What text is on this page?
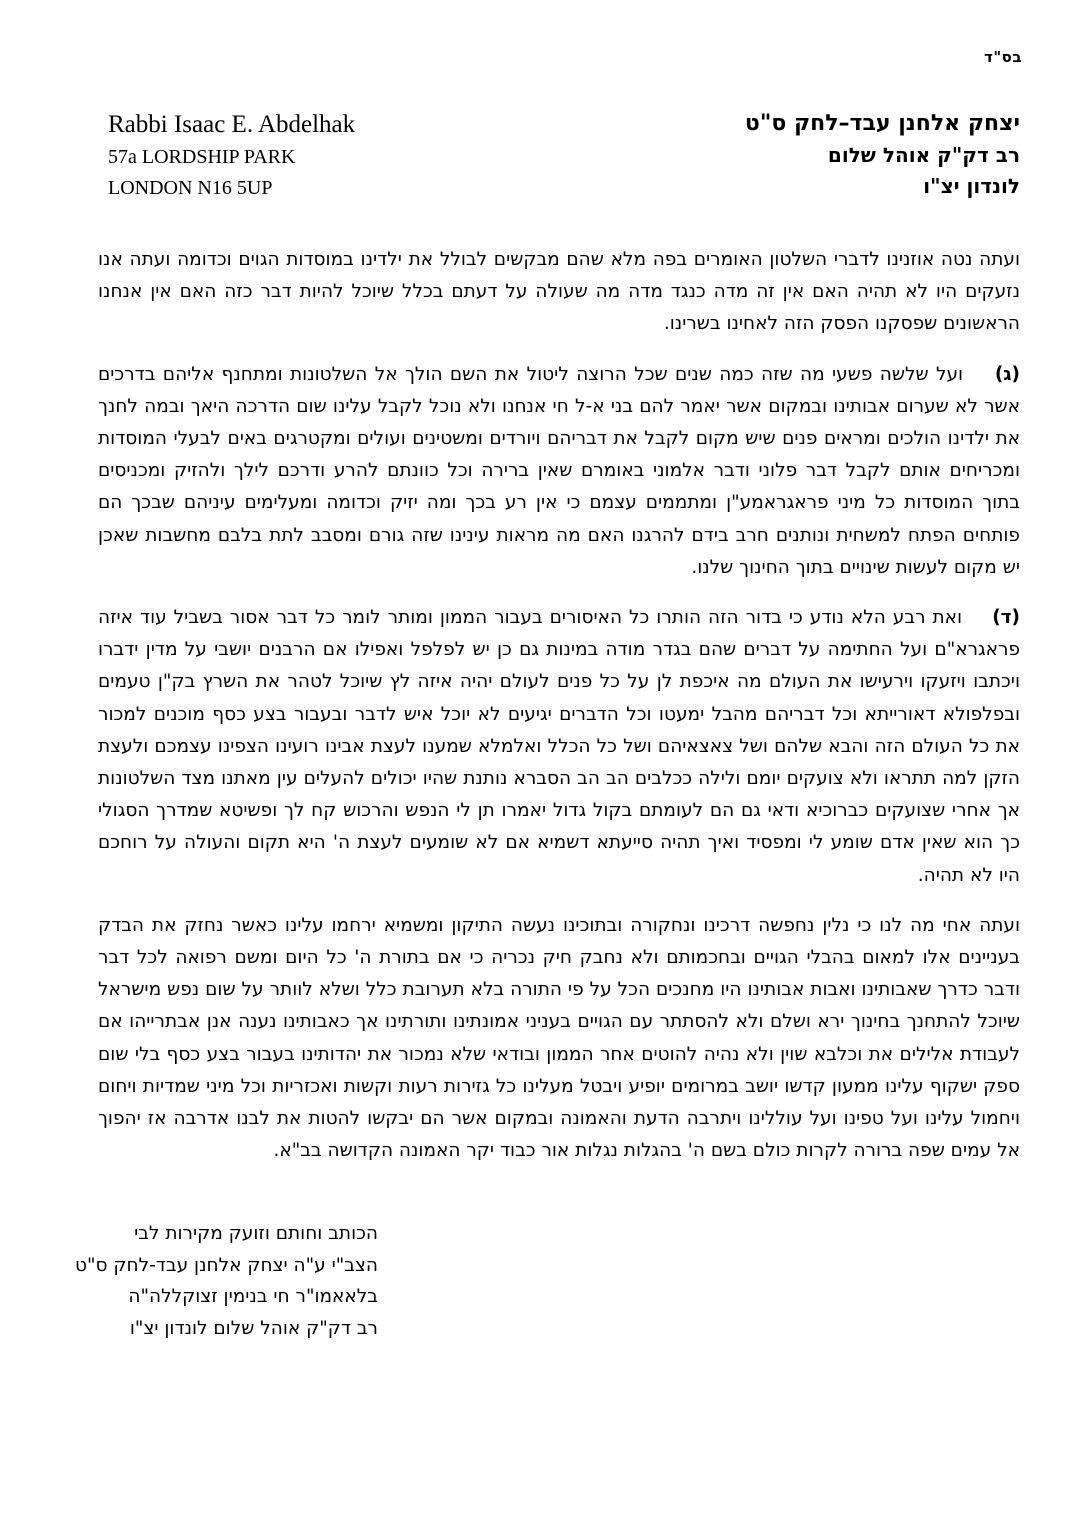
בס"ד
Rabbi Isaac E. Abdelhak
57a LORDSHIP PARK
LONDON N16 5UP
יצחק אלחנן עבד–לחק ס"ט
רב דק"ק אוהל שלום
לונדון יצ"ו

ועתה נטה אוזנינו לדברי השלטון האומרים בפה מלא שהם מבקשים לבולל את ילדינו במוסדות הגוים וכדומה ועתה אנו נזעקים היו לא תהיה האם אין זה מדה כנגד מדה מה שעולה על דעתם בכלל שיוכל להיות דבר כזה האם אין אנחנו הראשונים שפסקנו הפסק הזה לאחינו בשרינו.

(ג)    ועל שלשה פשעי מה שזה כמה שנים שכל הרוצה ליטול את השם הולך אל השלטונות ומתחנף אליהם בדרכים אשר לא שערום אבותינו ובמקום אשר יאמר להם בני א-ל חי אנחנו ולא נוכל לקבל עלינו שום הדרכה היאך ובמה לחנך את ילדינו הולכים ומראים פנים שיש מקום לקבל את דבריהם ויורדים ומשטינים ועולים ומקטרגים באים לבעלי המוסדות ומכריחים אותם לקבל דבר פלוני ודבר אלמוני באומרם שאין ברירה וכל כוונתם להרע ודרכם לילך ולהזיק ומכניסים בתוך המוסדות כל מיני פראגראמע"ן ומתממים עצמם כי אין רע בכך ומה יזיק וכדומה ומעלימים עיניהם שבכך הם פותחים הפתח למשחית ונותנים חרב בידם להרגנו האם מה מראות עינינו שזה גורם ומסבב לתת בלבם מחשבות שאכן יש מקום לעשות שינויים בתוך החינוך שלנו.

(ד)    ואת רבע הלא נודע כי בדור הזה הותרו כל האיסורים בעבור הממון ומותר לומר כל דבר אסור בשביל עוד איזה פראגרא"ם ועל החתימה על דברים שהם בגדר מודה במינות גם כן יש לפלפל ואפילו אם הרבנים יושבי על מדין ידברו ויכתבו ויזעקו וירעישו את העולם מה איכפת לן על כל פנים לעולם יהיה איזה לץ שיוכל לטהר את השרץ בק"ן טעמים ובפלפולא דאורייתא וכל דבריהם מהבל ימעטו וכל הדברים יגיעים לא יוכל איש לדבר ובעבור בצע כסף מוכנים למכור את כל העולם הזה והבא שלהם ושל צאצאיהם ושל כל הכלל ואלמלא שמענו לעצת אבינו רועינו הצפינו עצמכם ולעצת הזקן למה תתראו ולא צועקים יומם ולילה ככלבים הב הב הסברא נותנת שהיו יכולים להעלים עין מאתנו מצד השלטונות אך אחרי שצועקים כברוכיא ודאי גם הם לעומתם בקול גדול יאמרו תן לי הנפש והרכוש קח לך ופשיטא שמדרך הסגולי כך הוא שאין אדם שומע לי ומפסיד ואיך תהיה סייעתא דשמיא אם לא שומעים לעצת ה' היא תקום והעולה על רוחכם היו לא תהיה.

ועתה אחי מה לנו כי נלין נחפשה דרכינו ונחקורה ובתוכינו נעשה התיקון ומשמיא ירחמו עלינו כאשר נחזק את הבדק בעניינים אלו למאום בהבלי הגויים ובחכמותם ולא נחבק חיק נכריה כי אם בתורת ה' כל היום ומשם רפואה לכל דבר ודבר כדרך שאבותינו ואבות אבותינו היו מחנכים הכל על פי התורה בלא תערובת כלל ושלא לוותר על שום נפש מישראל שיוכל להתחנך בחינוך ירא ושלם ולא להסתתר עם הגויים בעניני אמונתינו ותורתינו אך כאבותינו נענה אנן אבתרייהו אם לעבודת אלילים את וכלבא שוין ולא נהיה להוטים אחר הממון ובודאי שלא נמכור את יהדותינו בעבור בצע כסף בלי שום ספק ישקוף עלינו ממעון קדשו יושב במרומים יופיע ויבטל מעלינו כל גזירות רעות וקשות ואכזריות וכל מיני שמדיות ויחום ויחמול עלינו ועל טפינו ועל עוללינו ויתרבה הדעת והאמונה ובמקום אשר הם יבקשו להטות את לבנו אדרבה אז יהפוך אל עמים שפה ברורה לקרות כולם בשם ה' בהגלות נגלות אור כבוד יקר האמונה הקדושה בב"א.

הכותב וחותם וזועק מקירות לבי
הצב"י ע"ה יצחק אלחנן עבד-לחק ס"ט
בלאאמו"ר חי בנימין זצוקללה"ה
רב דק"ק אוהל שלום לונדון יצ"ו
